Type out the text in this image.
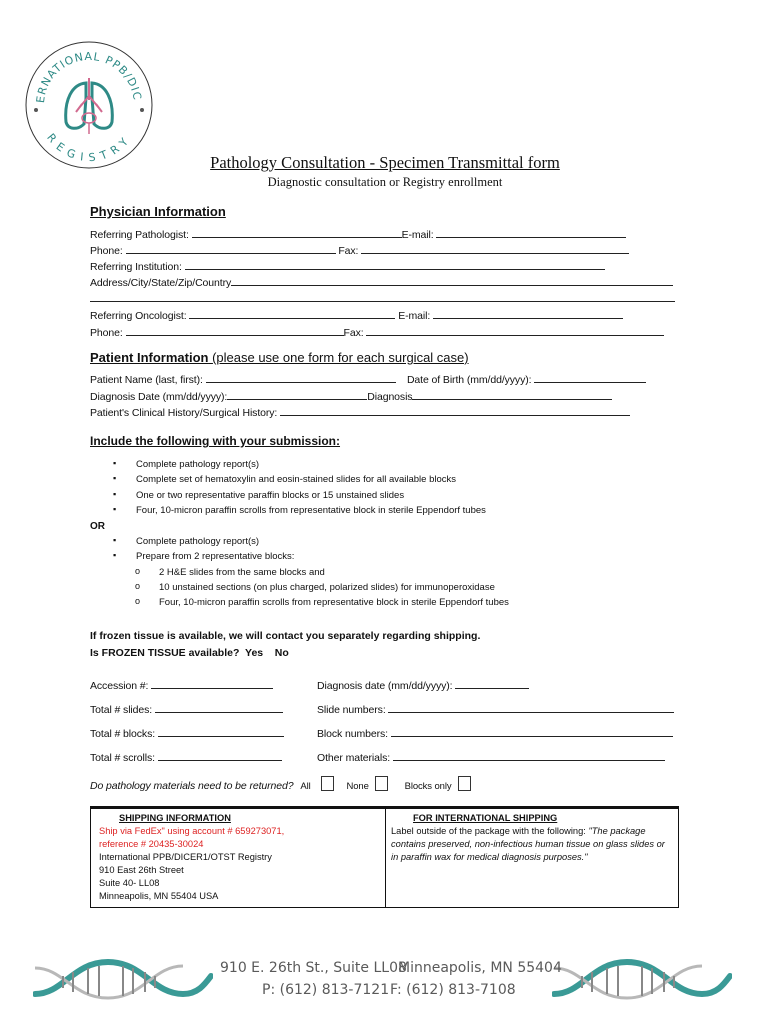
ERNATIONAL PPB/DIC
REGISTRY
Pathology Consultation - Specimen Transmittal form
Diagnostic consultation or Registry enrollment
Physician Information
Referring Pathologist:	E-mail:
Phone:	Fax:
Referring Institution:
Address/City/State/Zip/Country
Referring Oncologist:	E-mail:
Phone:	Fax:
Patient Information (please use one form for each surgical case)
Patient Name (last, first):	Date of Birth (mm/dd/yyyy):
Diagnosis Date (mm/dd/yyyy):	Diagnosis
Patient's Clinical History/Surgical History:
Include the following with your submission:
▪ Complete pathology report(s)
▪ Complete set of hematoxylin and eosin-stained slides for all available blocks
▪ One or two representative paraffin blocks or 15 unstained slides
▪ Four, 10-micron paraffin scrolls from representative block in sterile Eppendorf tubes
OR
▪ Complete pathology report(s)
▪ Prepare from 2 representative blocks:
o 2 H&E slides from the same blocks and
o 10 unstained sections (on plus charged, polarized slides) for immunoperoxidase
o Four, 10-micron paraffin scrolls from representative block in sterile Eppendorf tubes
If frozen tissue is available, we will contact you separately regarding shipping.
Is FROZEN TISSUE available?  Yes    No
Accession #:	Diagnosis date (mm/dd/yyyy):
Total # slides:	Slide numbers:
Total # blocks:	Block numbers:
Total # scrolls:	Other materials:
Do pathology materials need to be returned? All	None	Blocks only
SHIPPING INFORMATION
Ship via FedEx" using account # 659273071,
reference # 20435-30024
International PPB/DICER1/OTST Registry
910 East 26th Street
Suite 40- LL08
Minneapolis, MN 55404 USA
FOR INTERNATIONAL SHIPPING
Label outside of the package with the following: "The package
contains preserved, non-infectious human tissue on glass slides or
in paraffin wax for medical diagnosis purposes."
910 E. 26th St., Suite LL08
Minneapolis, MN 55404
P: (612) 813-7121 F: (612) 813-7108
